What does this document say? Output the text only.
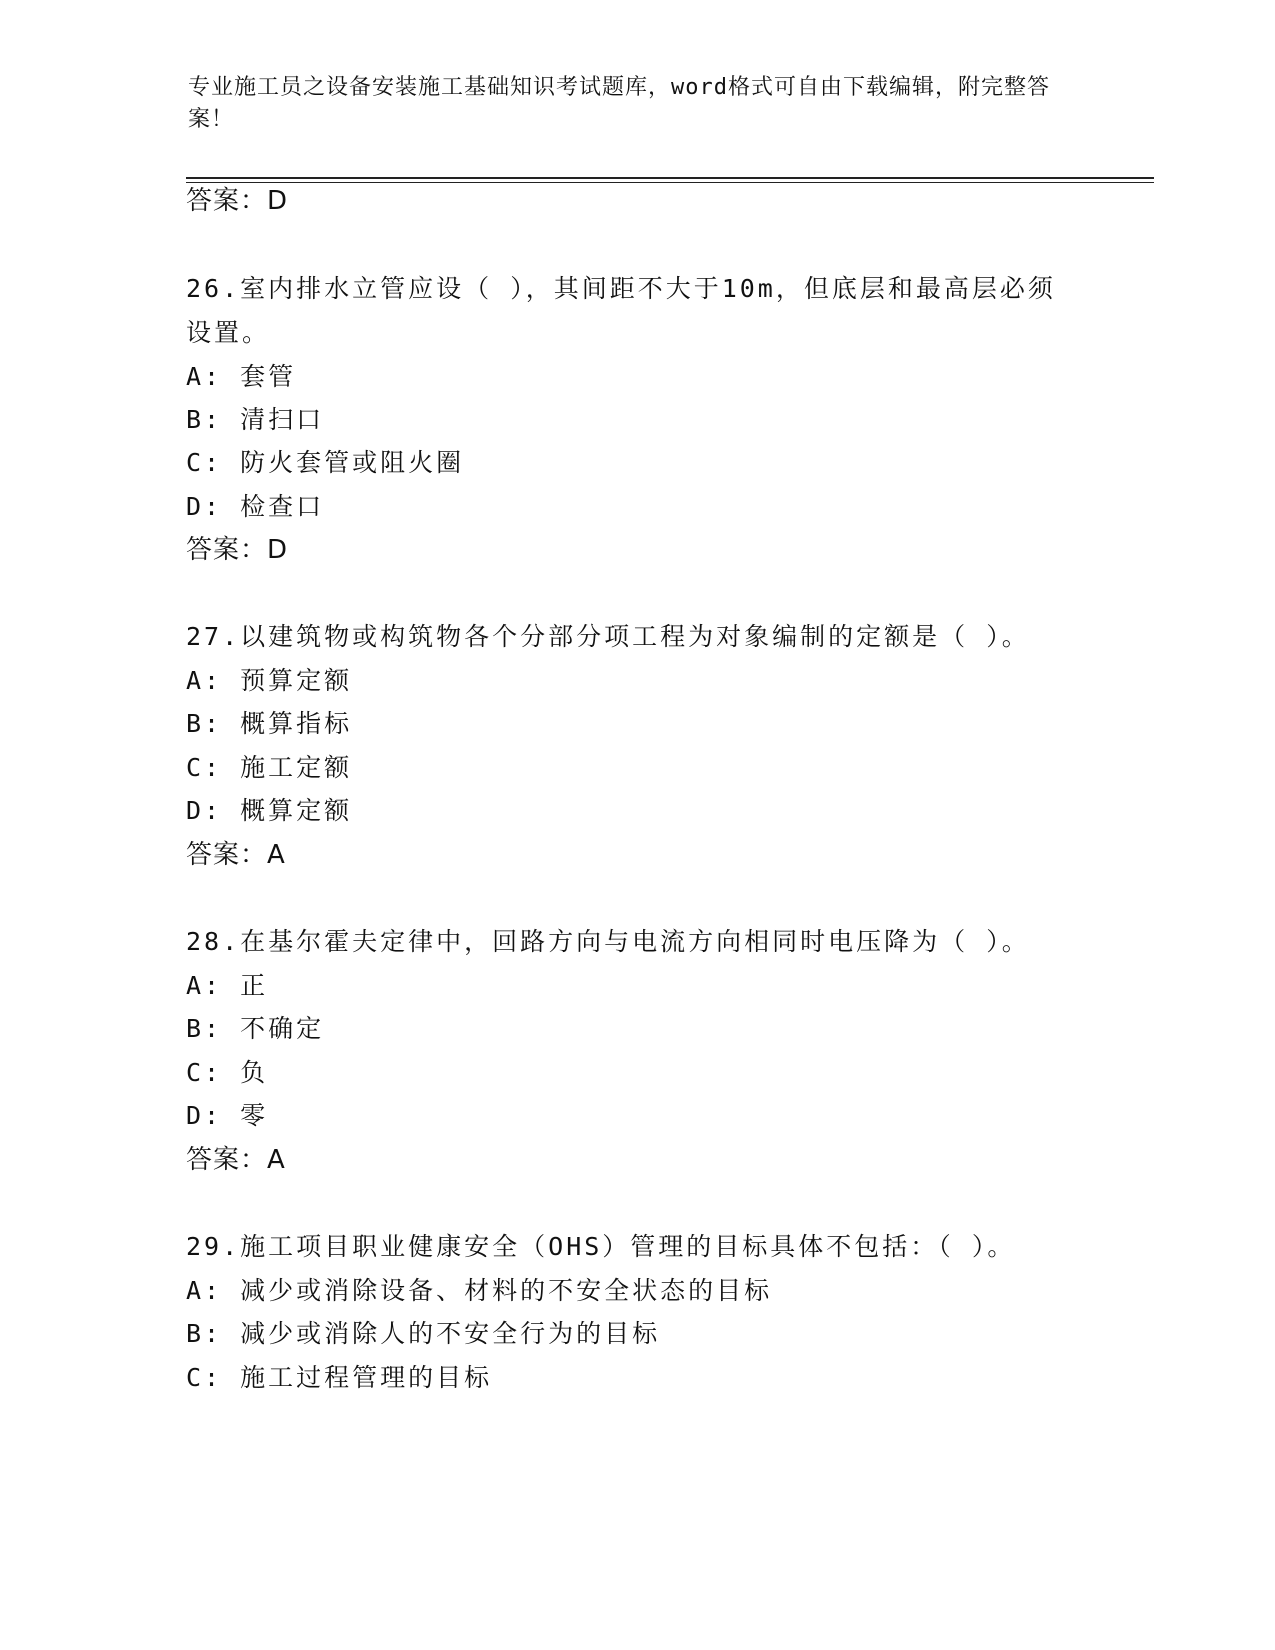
专业施工员之设备安装施工基础知识考试题库，word格式可自由下载编辑，附完整答案！
答案：D
26.室内排水立管应设（ ），其间距不大于10m，但底层和最高层必须
设置。
A: 套管
B: 清扫口
C: 防火套管或阻火圈
D: 检查口
答案：D
27.以建筑物或构筑物各个分部分项工程为对象编制的定额是（ ）。
A: 预算定额
B: 概算指标
C: 施工定额
D: 概算定额
答案：A
28.在基尔霍夫定律中，回路方向与电流方向相同时电压降为（ ）。
A: 正
B: 不确定
C: 负
D: 零
答案：A
29.施工项目职业健康安全（OHS）管理的目标具体不包括：（ ）。
A: 减少或消除设备、材料的不安全状态的目标
B: 减少或消除人的不安全行为的目标
C: 施工过程管理的目标
